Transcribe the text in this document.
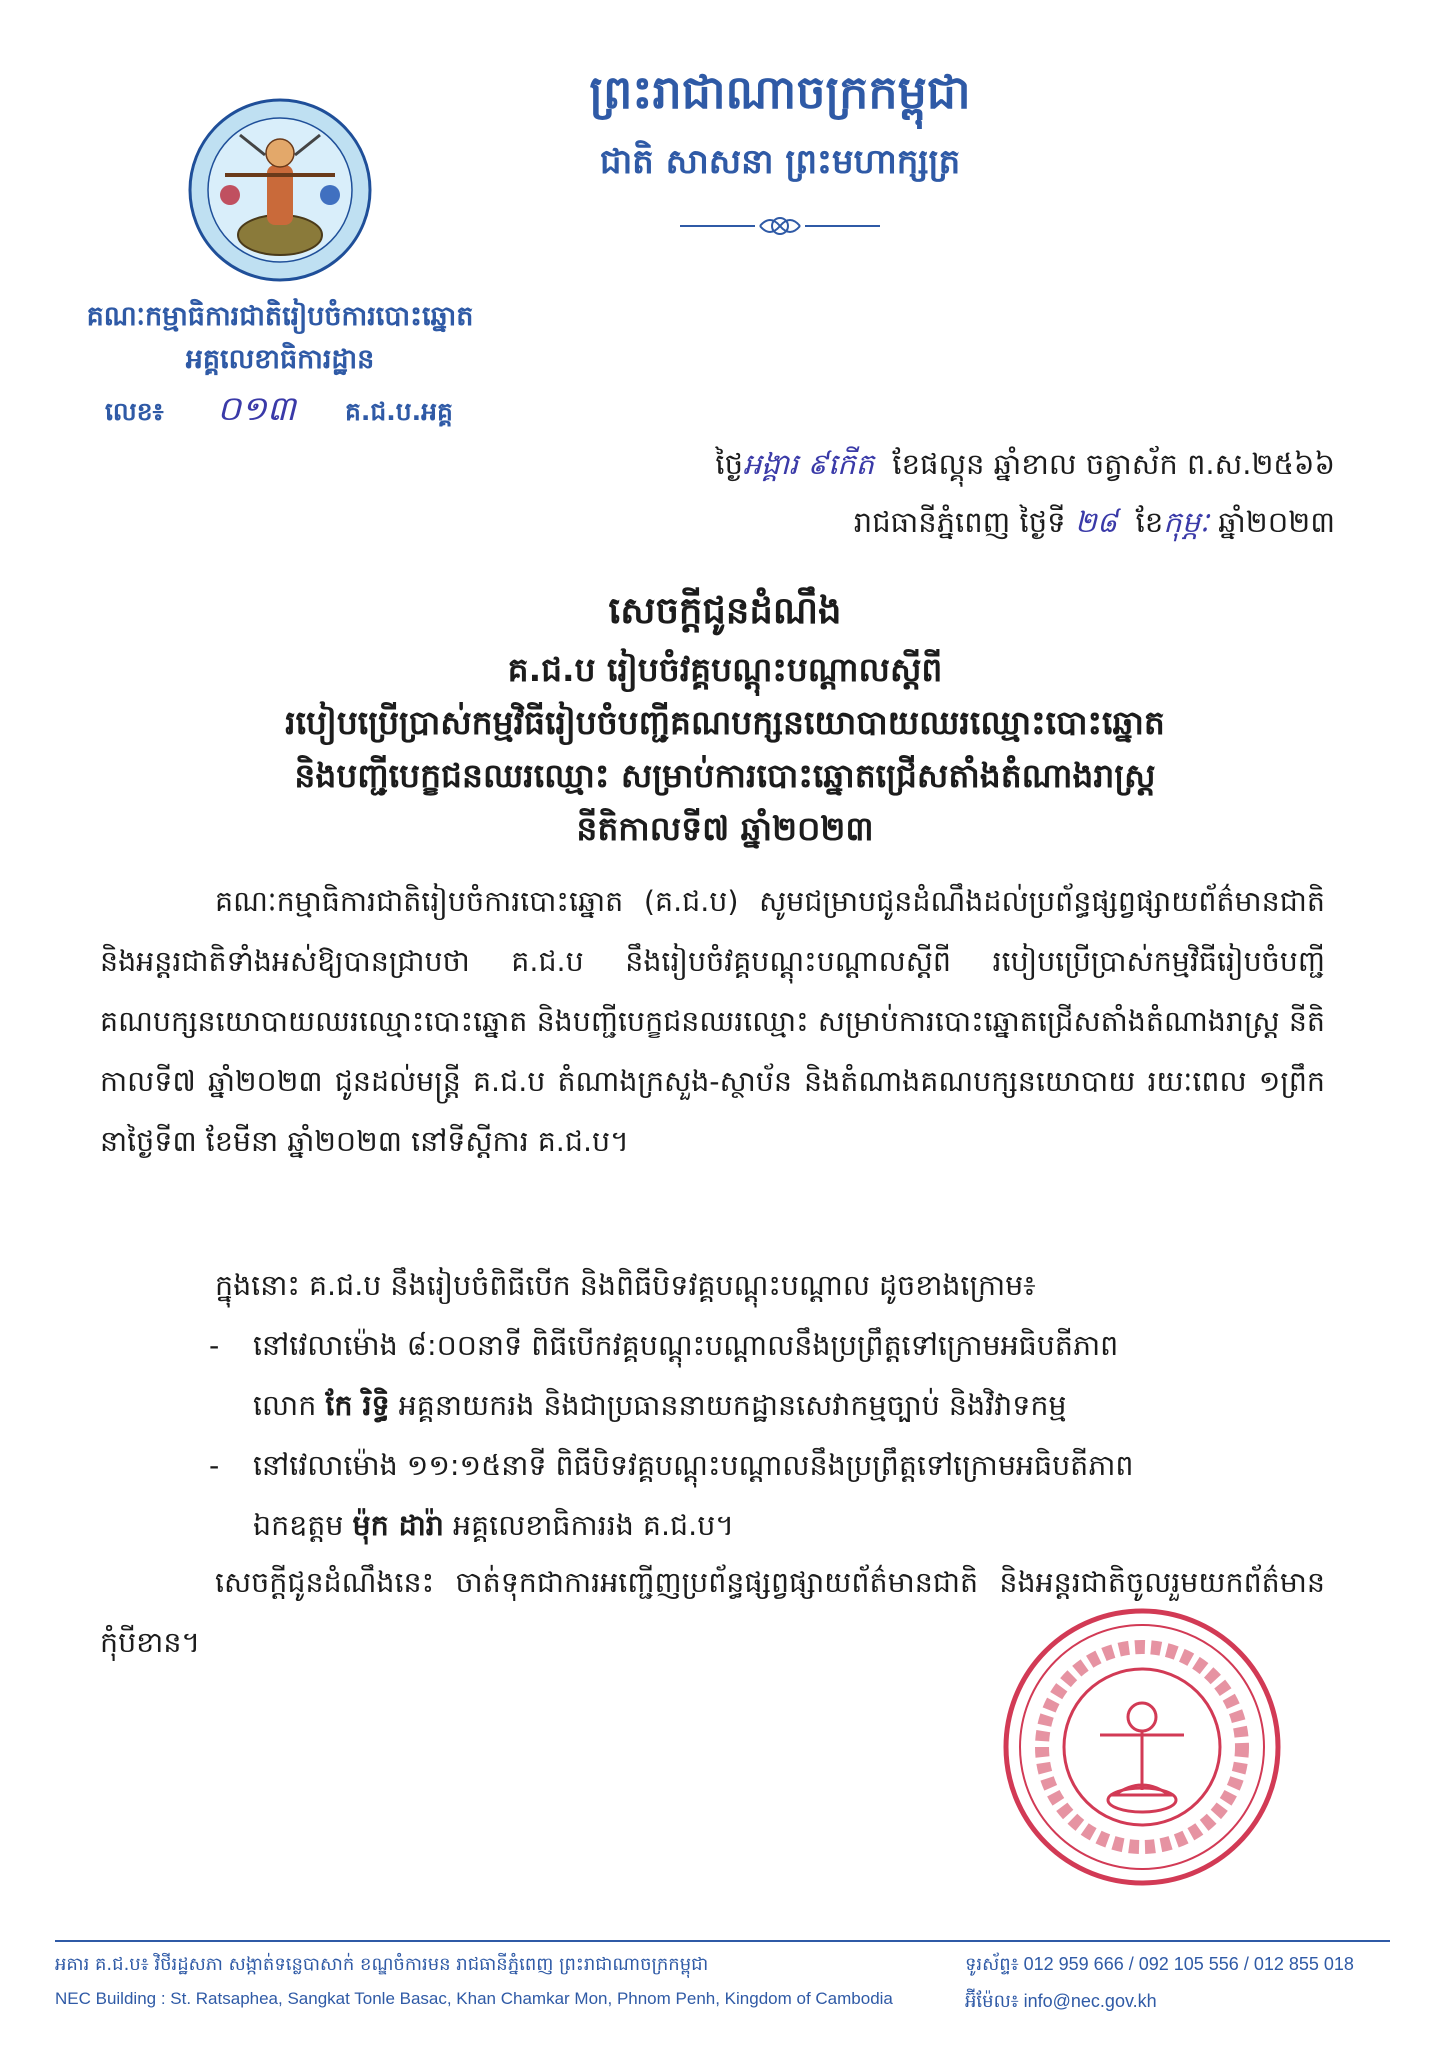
គណៈកម្មាធិការជាតិរៀបចំការបោះឆ្នោត
អគ្គលេខាធិការដ្ឋាន
លេខ៖ ០១៣ គ.ជ.ប.អគ្គ
ព្រះរាជាណាចក្រកម្ពុជា
ជាតិ សាសនា ព្រះមហាក្សត្រ
ថ្ងៃអង្គារ ៩កើត ខែផល្គុន ឆ្នាំខាល ចត្វាស័ក ព.ស.២៥៦៦
រាជធានីភ្នំពេញ ថ្ងៃទី ២៨ ខែកុម្ភៈ ឆ្នាំ២០២៣
សេចក្តីជូនដំណឹង
គ.ជ.ប រៀបចំវគ្គបណ្តុះបណ្តាលស្តីពី
របៀបប្រើប្រាស់កម្មវិធីរៀបចំបញ្ជីគណបក្សនយោបាយឈរឈ្មោះបោះឆ្នោត
និងបញ្ជីបេក្ខជនឈរឈ្មោះ សម្រាប់ការបោះឆ្នោតជ្រើសតាំងតំណាងរាស្ត្រ
នីតិកាលទី៧ ឆ្នាំ២០២៣
គណៈកម្មាធិការជាតិរៀបចំការបោះឆ្នោត (គ.ជ.ប) សូមជម្រាបជូនដំណឹងដល់ប្រព័ន្ធផ្សព្វផ្សាយព័ត៌មានជាតិ និងអន្តរជាតិទាំងអស់ឱ្យបានជ្រាបថា គ.ជ.ប នឹងរៀបចំវគ្គបណ្តុះបណ្តាលស្តីពី របៀបប្រើប្រាស់កម្មវិធីរៀបចំបញ្ជីគណបក្សនយោបាយឈរឈ្មោះបោះឆ្នោត និងបញ្ជីបេក្ខជនឈរឈ្មោះ សម្រាប់ការបោះឆ្នោតជ្រើសតាំងតំណាងរាស្ត្រ នីតិកាលទី៧ ឆ្នាំ២០២៣ ជូនដល់មន្ត្រី គ.ជ.ប តំណាងក្រសួង-ស្ថាប័ន និងតំណាងគណបក្សនយោបាយ រយៈពេល ១ព្រឹក នាថ្ងៃទី៣ ខែមីនា ឆ្នាំ២០២៣ នៅទីស្តីការ គ.ជ.ប។
ក្នុងនោះ គ.ជ.ប នឹងរៀបចំពិធីបើក និងពិធីបិទវគ្គបណ្តុះបណ្តាល ដូចខាងក្រោម៖
- នៅវេលាម៉ោង ៨:០០នាទី ពិធីបើកវគ្គបណ្តុះបណ្តាលនឹងប្រព្រឹត្តទៅក្រោមអធិបតីភាព
លោក កែ រិទ្ធិ អគ្គនាយករង និងជាប្រធាននាយកដ្ឋានសេវាកម្មច្បាប់ និងវិវាទកម្ម
- នៅវេលាម៉ោង ១១:១៥នាទី ពិធីបិទវគ្គបណ្តុះបណ្តាលនឹងប្រព្រឹត្តទៅក្រោមអធិបតីភាព
ឯកឧត្តម ម៉ុក ដារ៉ា អគ្គលេខាធិការរង គ.ជ.ប។
សេចក្តីជូនដំណឹងនេះ ចាត់ទុកជាការអញ្ជើញប្រព័ន្ធផ្សព្វផ្សាយព័ត៌មានជាតិ និងអន្តរជាតិចូលរួមយកព័ត៌មានកុំបីខាន។
អគារ គ.ជ.ប៖ វិថីរដ្ឋសភា សង្កាត់ទន្លេបាសាក់ ខណ្ឌចំការមន រាជធានីភ្នំពេញ ព្រះរាជាណាចក្រកម្ពុជា
NEC Building : St. Ratsaphea, Sangkat Tonle Basac, Khan Chamkar Mon, Phnom Penh, Kingdom of Cambodia
ទូរស័ព្ទ៖ 012 959 666 / 092 105 556 / 012 855 018
អ៊ីម៉ែល៖ info@nec.gov.kh
